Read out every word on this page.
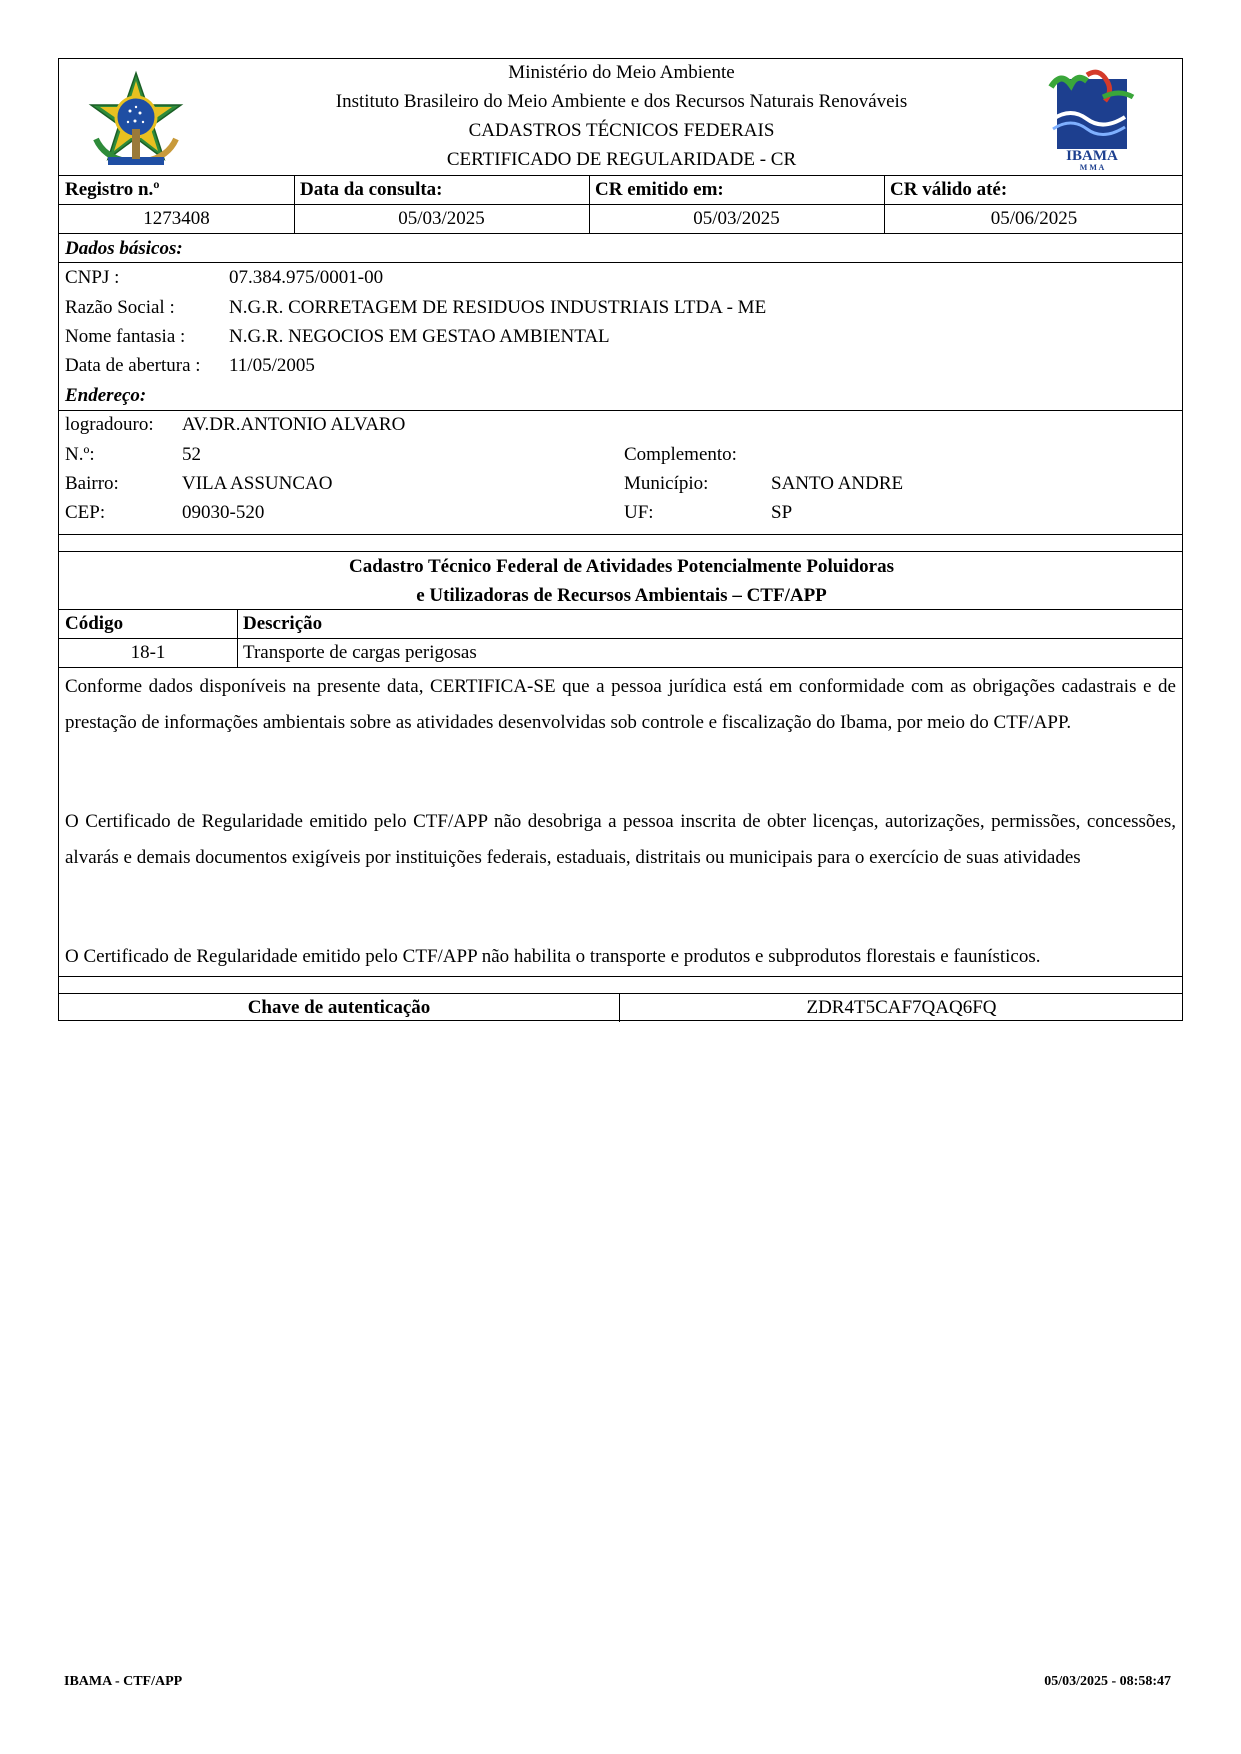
Ministério do Meio Ambiente
Instituto Brasileiro do Meio Ambiente e dos Recursos Naturais Renováveis
CADASTROS TÉCNICOS FEDERAIS
CERTIFICADO DE REGULARIDADE - CR	IBAMA
M M A
Registro n.º	Data da consulta:	CR emitido em:	CR válido até:
1273408	05/03/2025	05/03/2025	05/06/2025
Dados básicos:
CNPJ :	07.384.975/0001-00
Razão Social :	N.G.R. CORRETAGEM DE RESIDUOS INDUSTRIAIS LTDA - ME
Nome fantasia : N.G.R. NEGOCIOS EM GESTAO AMBIENTAL
Data de abertura : 11/05/2005
Endereço:
logradouro: AV.DR.ANTONIO ALVARO
N.º:	52	Complemento:
Bairro:	VILA ASSUNCAO	Município:	SANTO ANDRE
CEP:	09030-520	UF:	SP
Cadastro Técnico Federal de Atividades Potencialmente Poluidoras
e Utilizadoras de Recursos Ambientais – CTF/APP
Código	Descrição
18-1	Transporte de cargas perigosas
Conforme dados disponíveis na presente data, CERTIFICA-SE que a pessoa jurídica está em conformidade com as obrigações cadastrais e de prestação de informações ambientais sobre as atividades desenvolvidas sob controle e fiscalização do Ibama, por meio do CTF/APP.
O Certificado de Regularidade emitido pelo CTF/APP não desobriga a pessoa inscrita de obter licenças, autorizações, permissões, concessões, alvarás e demais documentos exigíveis por instituições federais, estaduais, distritais ou municipais para o exercício de suas atividades
O Certificado de Regularidade emitido pelo CTF/APP não habilita o transporte e produtos e subprodutos florestais e faunísticos.
Chave de autenticação	ZDR4T5CAF7QAQ6FQ
IBAMA - CTF/APP	05/03/2025 - 08:58:47
